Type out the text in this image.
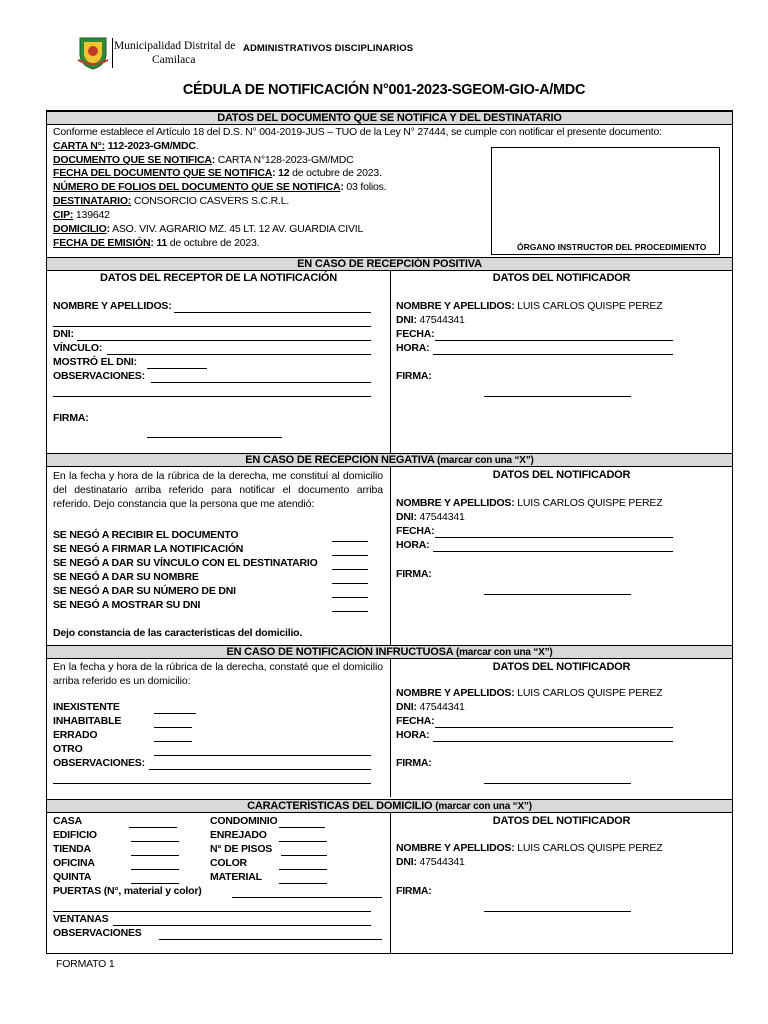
Municipalidad Distrital de
Camilaca
ADMINISTRATIVOS DISCIPLINARIOS
CÉDULA DE NOTIFICACIÓN N°001-2023-SGEOM-GIO-A/MDC
DATOS DEL DOCUMENTO QUE SE NOTIFICA Y DEL DESTINATARIO
Conforme establece el Artículo 18 del D.S. N° 004-2019-JUS – TUO de la Ley N° 27444, se cumple con notificar el presente documento:
CARTA N°: 112-2023-GM/MDC.
DOCUMENTO QUE SE NOTIFICA: CARTA N°128-2023-GM/MDC
FECHA DEL DOCUMENTO QUE SE NOTIFICA: 12 de octubre de 2023.
NÚMERO DE FOLIOS DEL DOCUMENTO QUE SE NOTIFICA: 03 folios.
DESTINATARIO: CONSORCIO CASVERS S.C.R.L.
CIP: 139642
DOMICILIO: ASO. VIV. AGRARIO MZ. 45 LT. 12 AV. GUARDIA CIVIL
FECHA DE EMISIÓN: 11 de octubre de 2023.
EN CASO DE RECEPCIÓN POSITIVA
DATOS DEL RECEPTOR DE LA NOTIFICACIÓN	DATOS DEL NOTIFICADOR
NOMBRE Y APELLIDOS:
DNI:
VÍNCULO:
MOSTRÓ EL DNI:
OBSERVACIONES:
FIRMA:
NOMBRE Y APELLIDOS: LUIS CARLOS QUISPE PEREZ
DNI: 47544341
FECHA:
HORA:
FIRMA:
EN CASO DE RECEPCIÓN NEGATIVA (marcar con una “X”)
En la fecha y hora de la rúbrica de la derecha, me constituí al domicilio del destinatario arriba referido para notificar el documento arriba referido. Dejo constancia que la persona que me atendió:
DATOS DEL NOTIFICADOR
SE NEGÓ A RECIBIR EL DOCUMENTO
SE NEGÓ A FIRMAR LA NOTIFICACIÓN
SE NEGÓ A DAR SU VÍNCULO CON EL DESTINATARIO
SE NEGÓ A DAR SU NOMBRE
SE NEGÓ A DAR SU NÚMERO DE DNI
SE NEGÓ A MOSTRAR SU DNI
Dejo constancia de las caracteristicas del domicilio.
NOMBRE Y APELLIDOS: LUIS CARLOS QUISPE PEREZ
DNI: 47544341
FECHA:
HORA:
FIRMA:
EN CASO DE NOTIFICACIÓN INFRUCTUOSA (marcar con una “X”)
En la fecha y hora de la rúbrica de la derecha, constaté que el domicilio arriba referido es un domicilio:
DATOS DEL NOTIFICADOR
INEXISTENTE
INHABITABLE
ERRADO
OTRO
OBSERVACIONES:
NOMBRE Y APELLIDOS: LUIS CARLOS QUISPE PEREZ
DNI: 47544341
FECHA:
HORA:
FIRMA:
CARACTERÍSTICAS DEL DOMICILIO (marcar con una “X”)
DATOS DEL NOTIFICADOR
CASA
EDIFICIO
TIENDA
OFICINA
QUINTA
CONDOMINIO
ENREJADO
N° DE PISOS
COLOR
MATERIAL
PUERTAS (N°, material y color)
VENTANAS
OBSERVACIONES
NOMBRE Y APELLIDOS: LUIS CARLOS QUISPE PEREZ
DNI: 47544341
FIRMA:
ÓRGANO INSTRUCTOR DEL PROCEDIMIENTO
FORMATO 1
